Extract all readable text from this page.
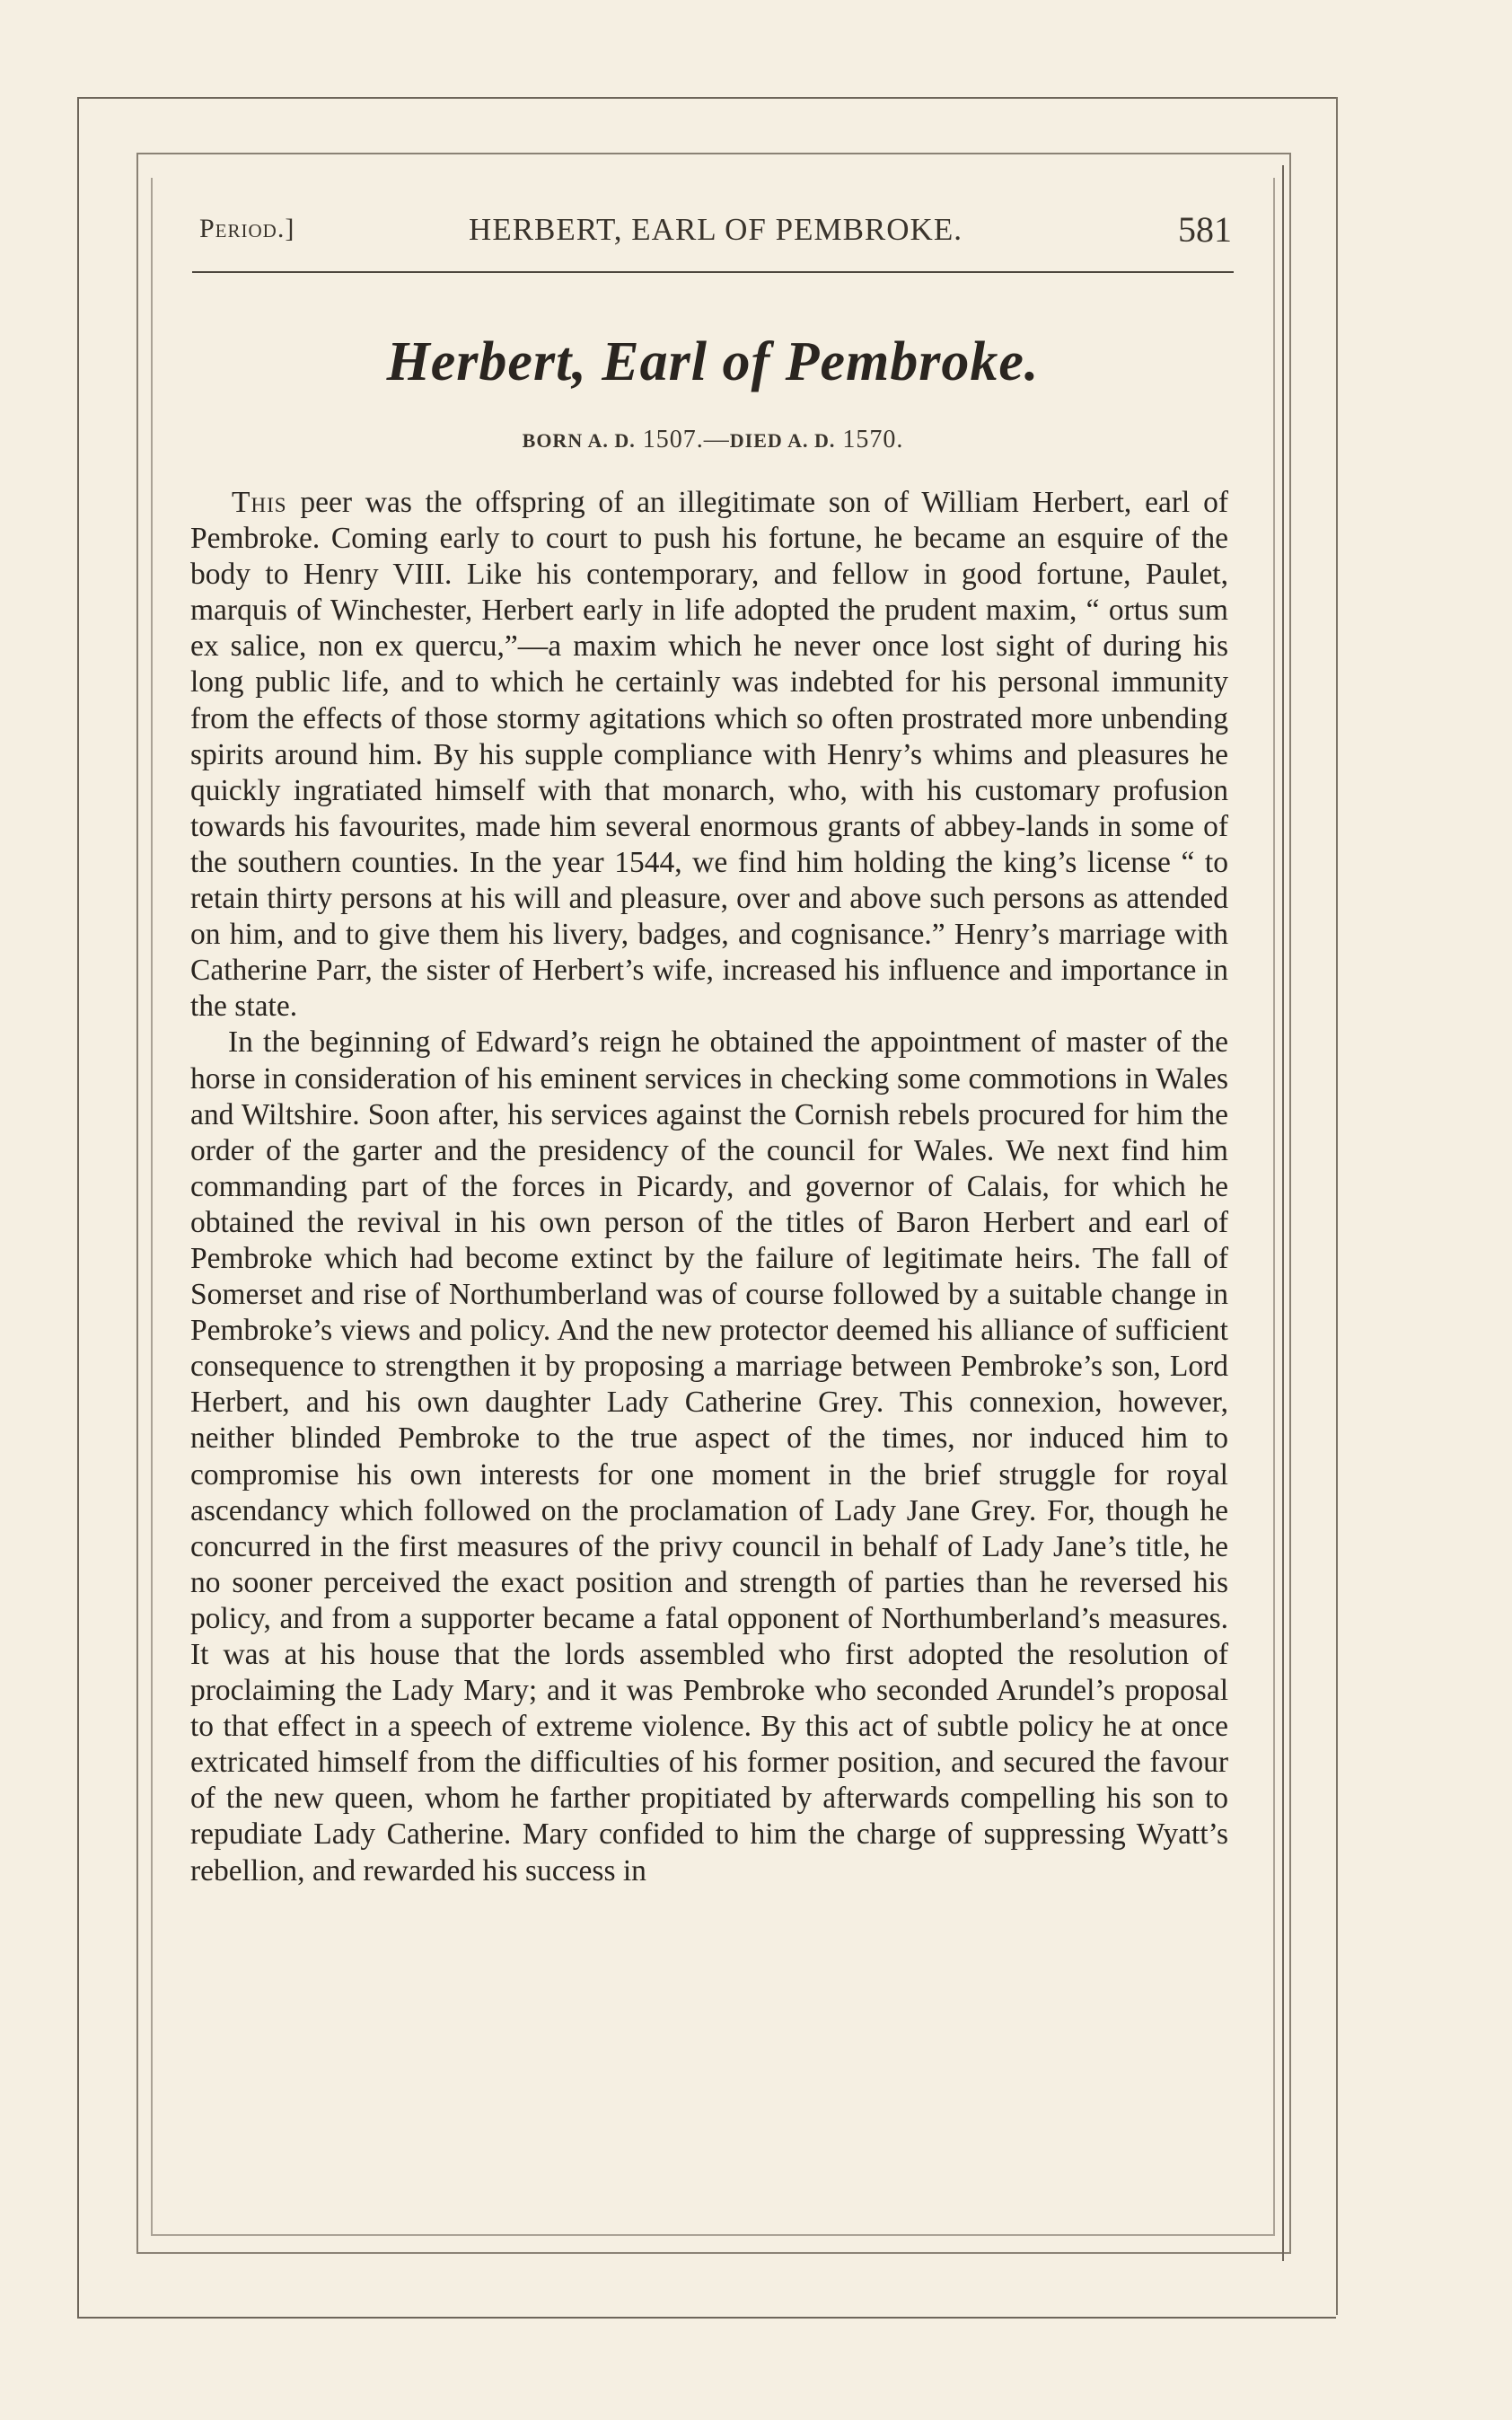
Period.]	HERBERT, EARL OF PEMBROKE.	581
Herbert, Earl of Pembroke.
BORN A. D. 1507.—DIED A. D. 1570.

This peer was the offspring of an illegitimate son of William Herbert, earl of Pembroke. Coming early to court to push his fortune, he became an esquire of the body to Henry VIII. Like his contemporary, and fellow in good fortune, Paulet, marquis of Winchester, Herbert early in life adopted the prudent maxim, “ ortus sum ex salice, non ex quercu,”—a maxim which he never once lost sight of during his long public life, and to which he certainly was indebted for his personal immunity from the effects of those stormy agitations which so often prostrated more unbending spirits around him. By his supple compliance with Henry’s whims and pleasures he quickly ingratiated himself with that monarch, who, with his customary profusion towards his favourites, made him several enormous grants of abbey-lands in some of the southern counties. In the year 1544, we find him holding the king’s license “ to retain thirty persons at his will and pleasure, over and above such persons as attended on him, and to give them his livery, badges, and cognisance.” Henry’s marriage with Catherine Parr, the sister of Herbert’s wife, increased his influence and importance in the state.

In the beginning of Edward’s reign he obtained the appointment of master of the horse in consideration of his eminent services in checking some commotions in Wales and Wiltshire. Soon after, his services against the Cornish rebels procured for him the order of the garter and the presidency of the council for Wales. We next find him commanding part of the forces in Picardy, and governor of Calais, for which he obtained the revival in his own person of the titles of Baron Herbert and earl of Pembroke which had become extinct by the failure of legitimate heirs. The fall of Somerset and rise of Northumberland was of course followed by a suitable change in Pembroke’s views and policy. And the new protector deemed his alliance of sufficient consequence to strengthen it by proposing a marriage between Pembroke’s son, Lord Herbert, and his own daughter Lady Catherine Grey. This connexion, however, neither blinded Pembroke to the true aspect of the times, nor induced him to compromise his own interests for one moment in the brief struggle for royal ascendancy which followed on the proclamation of Lady Jane Grey. For, though he concurred in the first measures of the privy council in behalf of Lady Jane’s title, he no sooner perceived the exact position and strength of parties than he reversed his policy, and from a supporter became a fatal opponent of Northumberland’s measures. It was at his house that the lords assembled who first adopted the resolution of proclaiming the Lady Mary; and it was Pembroke who seconded Arundel’s proposal to that effect in a speech of extreme violence. By this act of subtle policy he at once extricated himself from the difficulties of his former position, and secured the favour of the new queen, whom he farther propitiated by afterwards compelling his son to repudiate Lady Catherine. Mary confided to him the charge of suppressing Wyatt’s rebellion, and rewarded his success in
